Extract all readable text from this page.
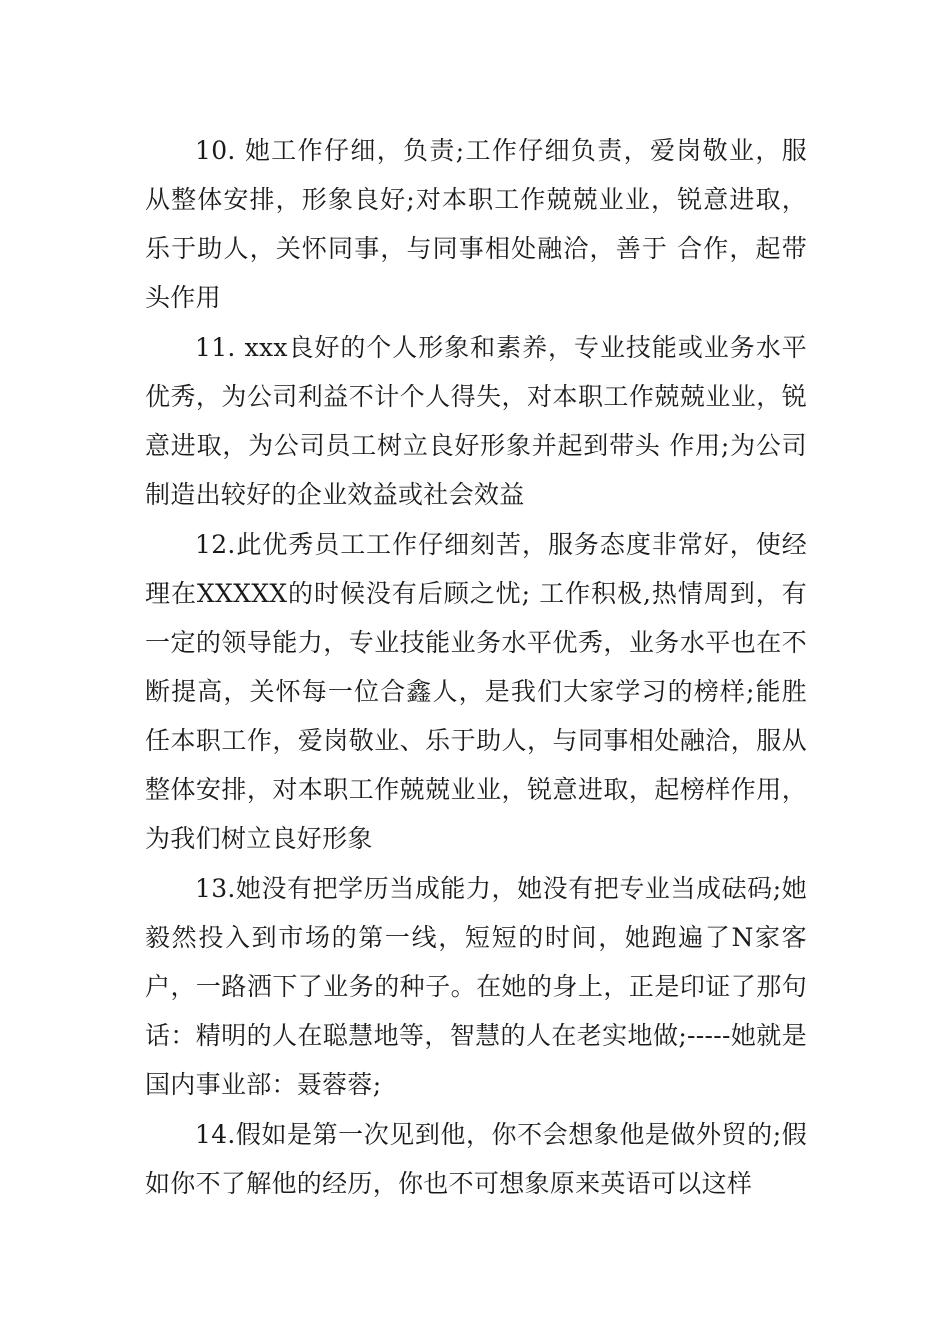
10. 她工作仔细，负责;工作仔细负责，爱岗敬业，服从整体安排，形象良好;对本职工作兢兢业业，锐意进取，乐于助人，关怀同事，与同事相处融洽，善于 合作，起带头作用

11. xxx良好的个人形象和素养，专业技能或业务水平优秀，为公司利益不计个人得失，对本职工作兢兢业业，锐意进取，为公司员工树立良好形象并起到带头 作用;为公司制造出较好的企业效益或社会效益

12.此优秀员工工作仔细刻苦，服务态度非常好，使经理在XXXXX的时候没有后顾之忧; 工作积极,热情周到，有一定的领导能力，专业技能业务水平优秀，业务水平也在不断提高，关怀每一位合鑫人，是我们大家学习的榜样;能胜任本职工作，爱岗敬业、乐于助人，与同事相处融洽，服从整体安排，对本职工作兢兢业业，锐意进取，起榜样作用，为我们树立良好形象

13.她没有把学历当成能力，她没有把专业当成砝码;她毅然投入到市场的第一线，短短的时间，她跑遍了N家客户，一路洒下了业务的种子。在她的身上，正是印证了那句话：精明的人在聪慧地等，智慧的人在老实地做;-----她就是国内事业部：聂蓉蓉;

14.假如是第一次见到他，你不会想象他是做外贸的;假如你不了解他的经历，你也不可想象原来英语可以这样
